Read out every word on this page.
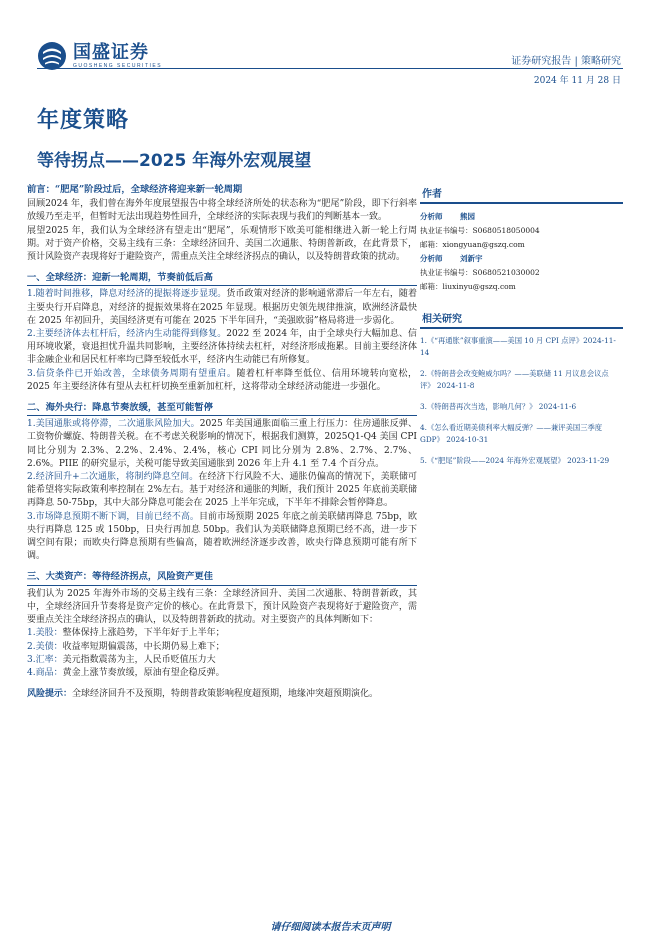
国盛证券
GUOSHENG SECURITIES	证券研究报告 | 策略研究
2024 年 11 月 28 日
年度策略
等待拐点——2025 年海外宏观展望
前言：“肥尾”阶段过后，全球经济将迎来新一轮周期

回顾2024 年，我们曾在海外年度展望报告中将全球经济所处的状态称为“肥尾”阶段，即下行斜率放缓乃至走平，但暂时无法出现趋势性回升，全球经济的实际表现与我们的判断基本一致。

展望2025 年，我们认为全球经济有望走出“肥尾”，乐观情形下欧美可能相继进入新一轮上行周期。对于资产价格，交易主线有三条：全球经济回升、美国二次通胀、特朗普新政，在此背景下，预计风险资产表现将好于避险资产，需重点关注全球经济拐点的确认，以及特朗普政策的扰动。

一、全球经济：迎新一轮周期，节奏前低后高

1.随着时间推移，降息对经济的提振将逐步显现。货币政策对经济的影响通常滞后一年左右，随着主要央行开启降息，对经济的提振效果将在2025 年显现。根据历史领先规律推演，欧洲经济最快在 2025 年初回升，美国经济更有可能在 2025 下半年回升，“美强欧弱”格局将进一步弱化。

2.主要经济体去杠杆后，经济内生动能得到修复。2022 至 2024 年，由于全球央行大幅加息、信用环境收紧，衰退担忧升温共同影响，主要经济体持续去杠杆，对经济形成拖累。目前主要经济体非金融企业和居民杠杆率均已降至较低水平，经济内生动能已有所修复。

3.信贷条件已开始改善，全球债务周期有望重启。随着杠杆率降至低位、信用环境转向宽松，2025 年主要经济体有望从去杠杆切换至重新加杠杆，这将带动全球经济动能进一步强化。

二、海外央行：降息节奏放缓，甚至可能暂停

1.美国通胀或将停滞，二次通胀风险加大。2025 年美国通胀面临三重上行压力：住房通胀反弹、工资物价螺旋、特朗普关税。在不考虑关税影响的情况下，根据我们测算，2025Q1-Q4 美国 CPI 同比分别为 2.3%、2.2%、2.4%、2.4%，核心 CPI 同比分别为 2.8%、2.7%、2.7%、2.6%。PIIE 的研究显示，关税可能导致美国通胀到 2026 年上升 4.1 至 7.4 个百分点。

2.经济回升+二次通胀，将制约降息空间。在经济下行风险不大、通胀仍偏高的情况下，美联储可能希望将实际政策利率控制在 2%左右。基于对经济和通胀的判断，我们预计 2025 年底前美联储再降息 50-75bp，其中大部分降息可能会在 2025 上半年完成，下半年不排除会暂停降息。

3.市场降息预期不断下调，目前已经不高。目前市场预期 2025 年底之前美联储再降息 75bp，欧央行再降息 125 或 150bp，日央行再加息 50bp。我们认为美联储降息预期已经不高，进一步下调空间有限；而欧央行降息预期有些偏高，随着欧洲经济逐步改善，欧央行降息预期可能有所下调。

三、大类资产：等待经济拐点，风险资产更佳

我们认为 2025 年海外市场的交易主线有三条：全球经济回升、美国二次通胀、特朗普新政，其中，全球经济回升节奏将是资产定价的核心。在此背景下，预计风险资产表现将好于避险资产，需要重点关注全球经济拐点的确认，以及特朗普新政的扰动。对主要资产的具体判断如下：

1.美股：整体保持上涨趋势，下半年好于上半年；

2.美债：收益率短期偏震荡，中长期仍易上难下；

3.汇率：美元指数震荡为主，人民币贬值压力大

4.商品：黄金上涨节奏放缓，原油有望企稳反弹。

风险提示：全球经济回升不及预期，特朗普政策影响程度超预期，地缘冲突超预期演化。

作者
分析师	熊园
执业证书编号：S0680518050004
邮箱：xiongyuan@gszq.com
分析师	刘新宇
执业证书编号：S0680521030002
邮箱：liuxinyu@gszq.com
相关研究
1.《“再通胀”叙事重演——美国 10 月 CPI 点评》2024-11-14
2.《特朗普会改变鲍威尔吗？——美联储 11 月议息会议点评》 2024-11-8
3.《特朗普再次当选，影响几何？》 2024-11-6
4.《怎么看近期美债利率大幅反弹？——兼评美国三季度 GDP》 2024-10-31
5.《“肥尾”阶段——2024 年海外宏观展望》 2023-11-29
请仔细阅读本报告末页声明
